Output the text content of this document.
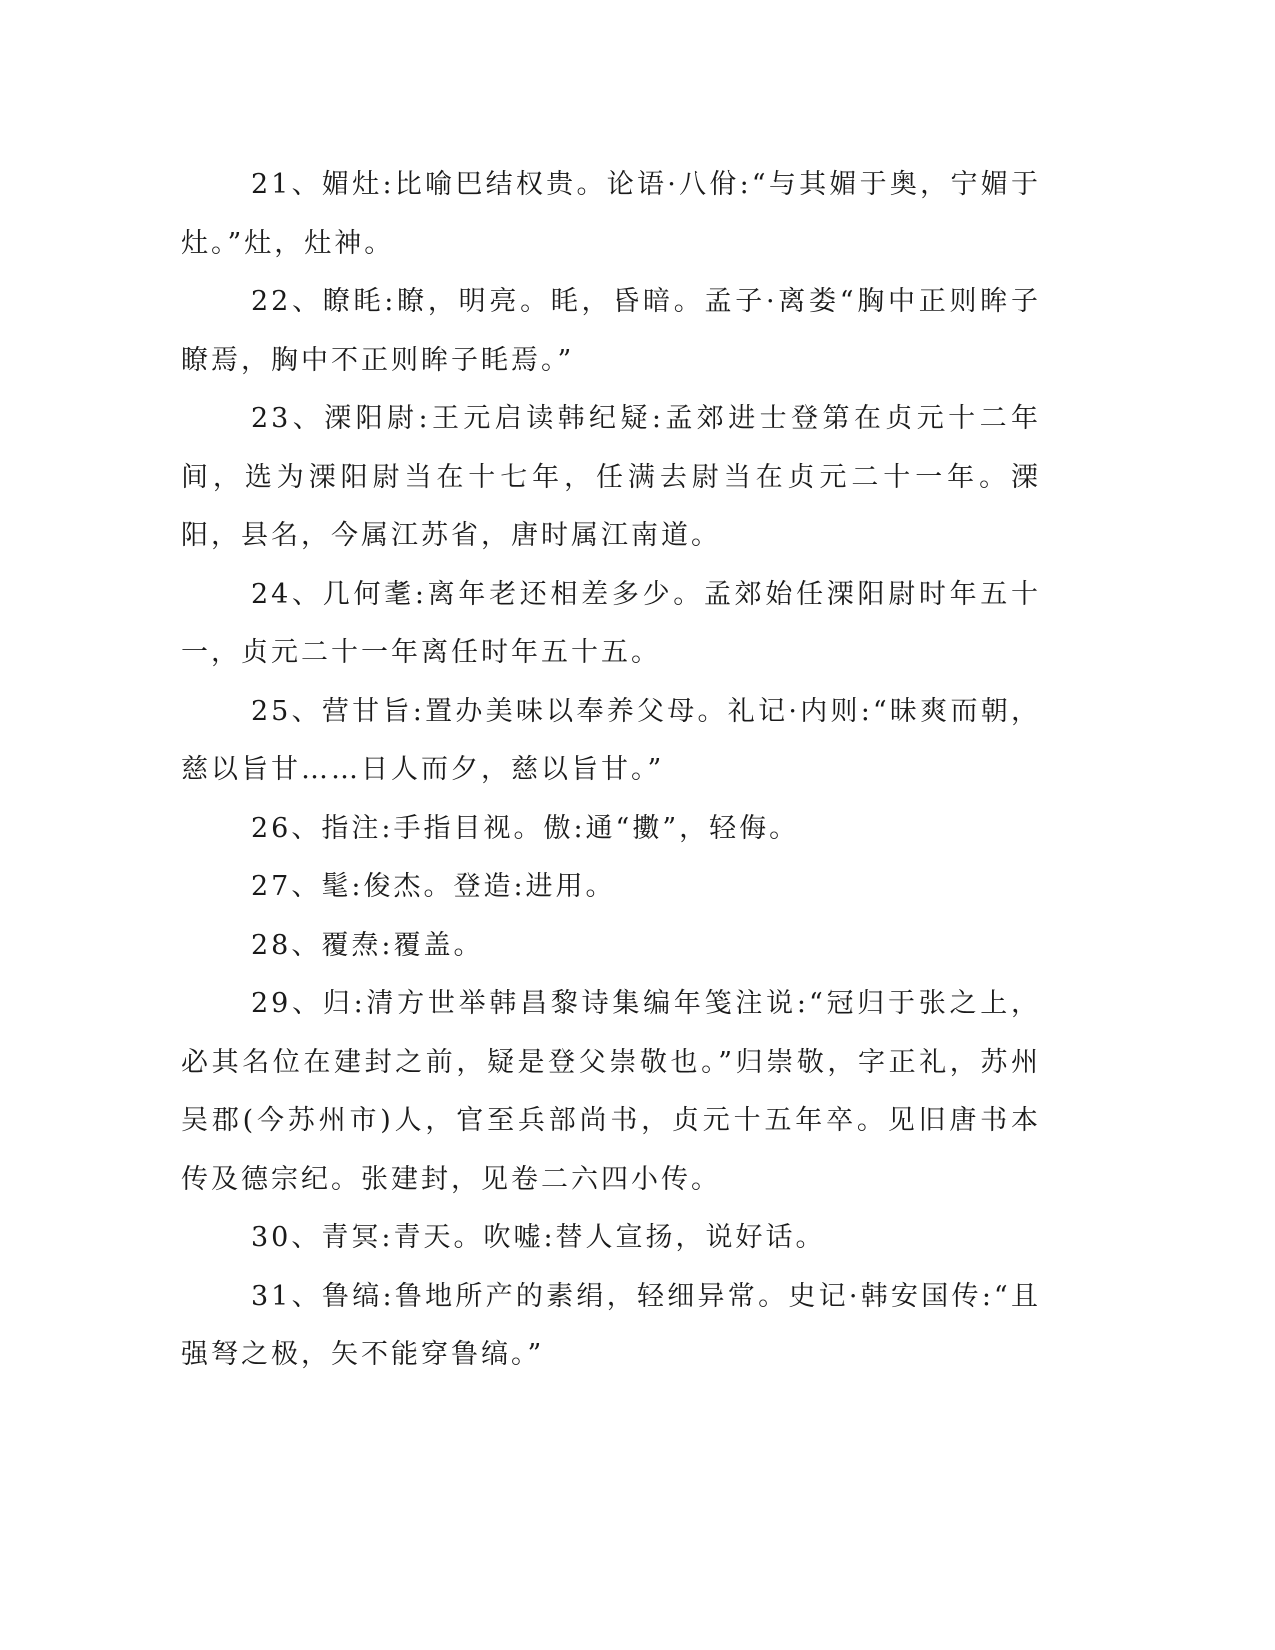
21、媚灶:比喻巴结权贵。论语·八佾:“与其媚于奥，宁媚于灶。”灶，灶神。

22、瞭眊:瞭，明亮。眊，昏暗。孟子·离娄“胸中正则眸子瞭焉，胸中不正则眸子眊焉。”

23、溧阳尉:王元启读韩纪疑:孟郊进士登第在贞元十二年间，选为溧阳尉当在十七年，任满去尉当在贞元二十一年。溧阳，县名，今属江苏省，唐时属江南道。

24、几何耄:离年老还相差多少。孟郊始任溧阳尉时年五十一，贞元二十一年离任时年五十五。

25、营甘旨:置办美味以奉养父母。礼记·内则:“昧爽而朝，慈以旨甘……日人而夕，慈以旨甘。”

26、指注:手指目视。傲:通“擻”，轻侮。

27、髦:俊杰。登造:进用。

28、覆焘:覆盖。

29、归:清方世举韩昌黎诗集编年笺注说:“冠归于张之上，必其名位在建封之前，疑是登父崇敬也。”归崇敬，字正礼，苏州吴郡(今苏州市)人，官至兵部尚书，贞元十五年卒。见旧唐书本传及德宗纪。张建封，见卷二六四小传。

30、青冥:青天。吹嘘:替人宣扬，说好话。

31、鲁缟:鲁地所产的素绢，轻细异常。史记·韩安国传:“且强弩之极，矢不能穿鲁缟。”
